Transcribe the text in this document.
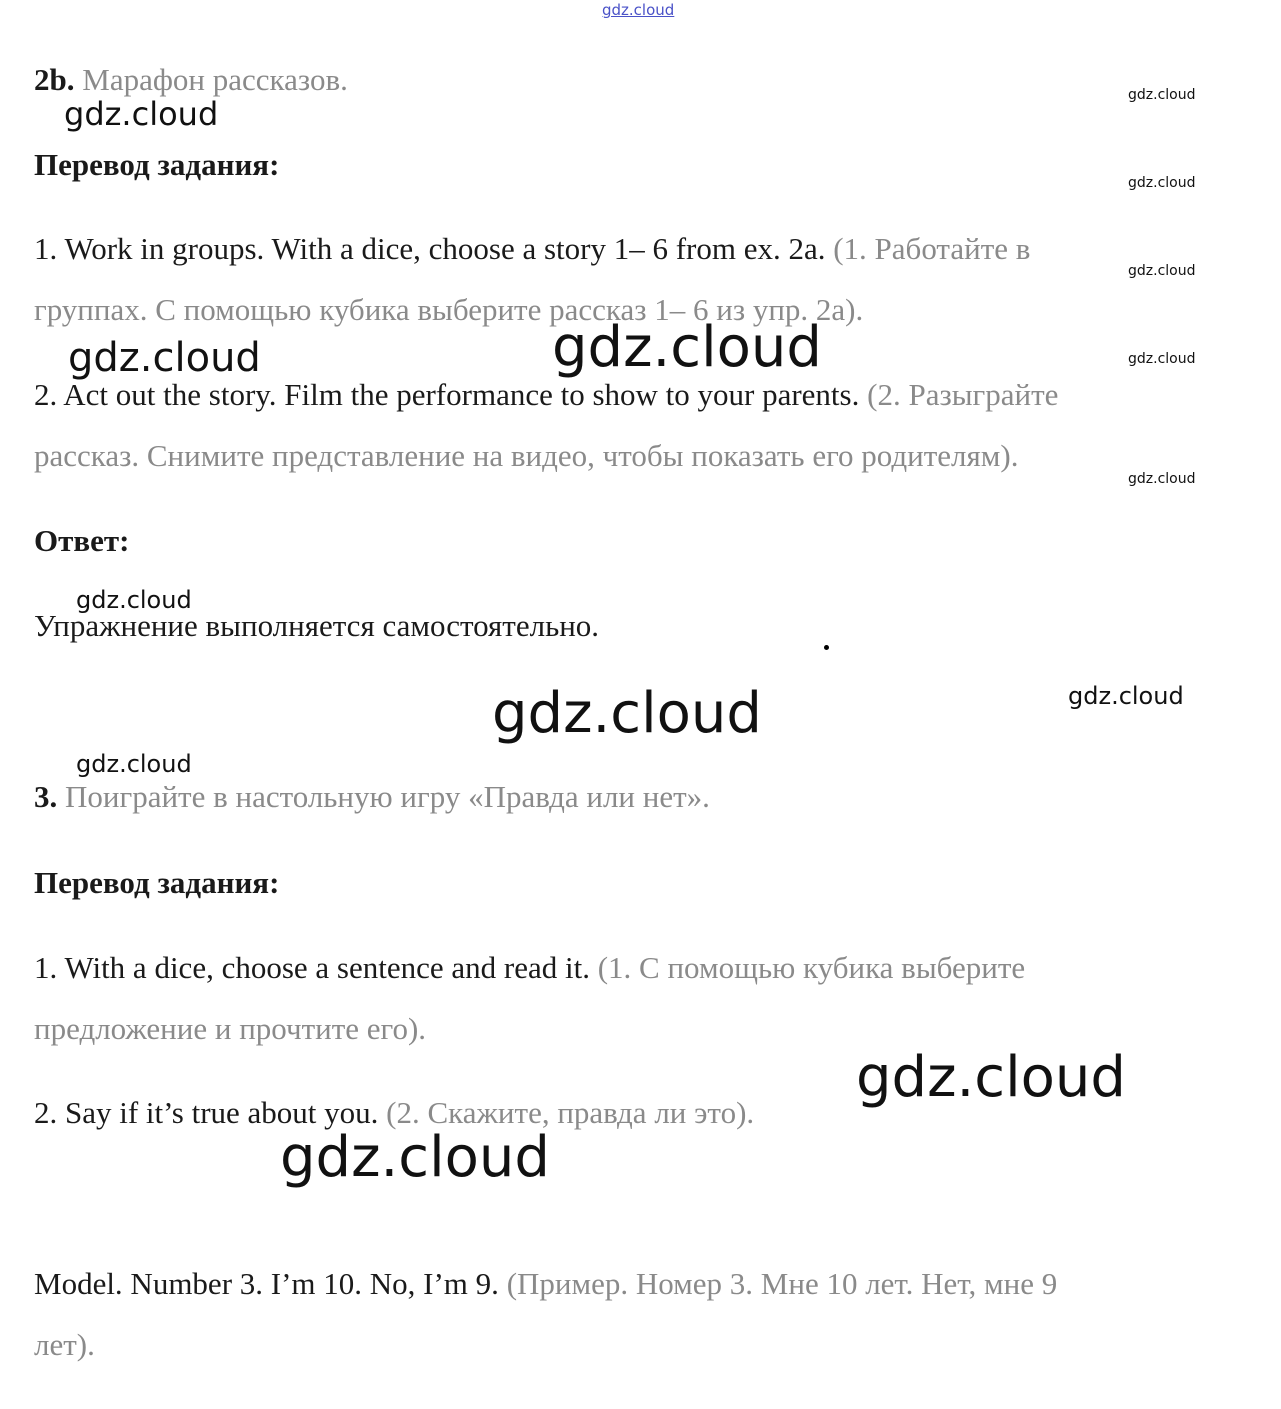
gdz.cloud
gdz.cloud
gdz.cloud
gdz.cloud
gdz.cloud
gdz.cloud
gdz.cloud
gdz.cloud	gdz.cloud
gdz.cloud
gdz.cloud
gdz.cloud
gdz.cloud
gdz.cloud
gdz.cloud
2b. Марафон рассказов.
Перевод задания:
1. Work in groups. With a dice, choose a story 1– 6 from ex. 2a. (1. Работайте в
группах. С помощью кубика выберите рассказ 1– 6 из упр. 2а).
2. Act out the story. Film the performance to show to your parents. (2. Разыграйте
рассказ. Снимите представление на видео, чтобы показать его родителям).
Ответ:
Упражнение выполняется самостоятельно.
3. Поиграйте в настольную игру «Правда или нет».
Перевод задания:
1. With a dice, choose a sentence and read it. (1. С помощью кубика выберите
предложение и прочтите его).
2. Say if it’s true about you. (2. Скажите, правда ли это).
Model. Number 3. I’m 10. No, I’m 9. (Пример. Номер 3. Мне 10 лет. Нет, мне 9
лет).
